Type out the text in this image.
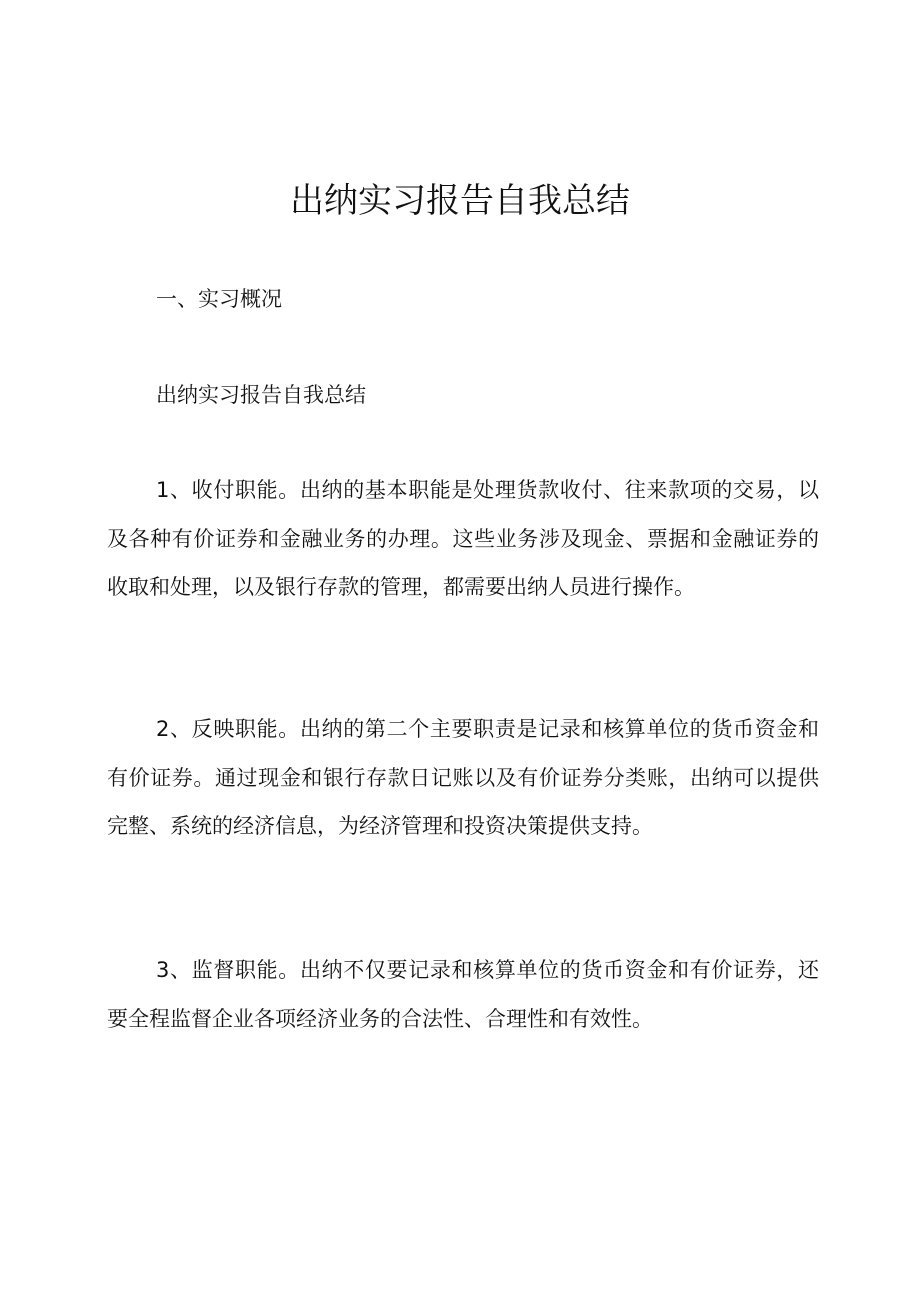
出纳实习报告自我总结

一、实习概况

出纳实习报告自我总结

1、收付职能。出纳的基本职能是处理货款收付、往来款项的交易，以及各种有价证券和金融业务的办理。这些业务涉及现金、票据和金融证券的收取和处理，以及银行存款的管理，都需要出纳人员进行操作。

2、反映职能。出纳的第二个主要职责是记录和核算单位的货币资金和有价证券。通过现金和银行存款日记账以及有价证券分类账，出纳可以提供完整、系统的经济信息，为经济管理和投资决策提供支持。

3、监督职能。出纳不仅要记录和核算单位的货币资金和有价证券，还要全程监督企业各项经济业务的合法性、合理性和有效性。
